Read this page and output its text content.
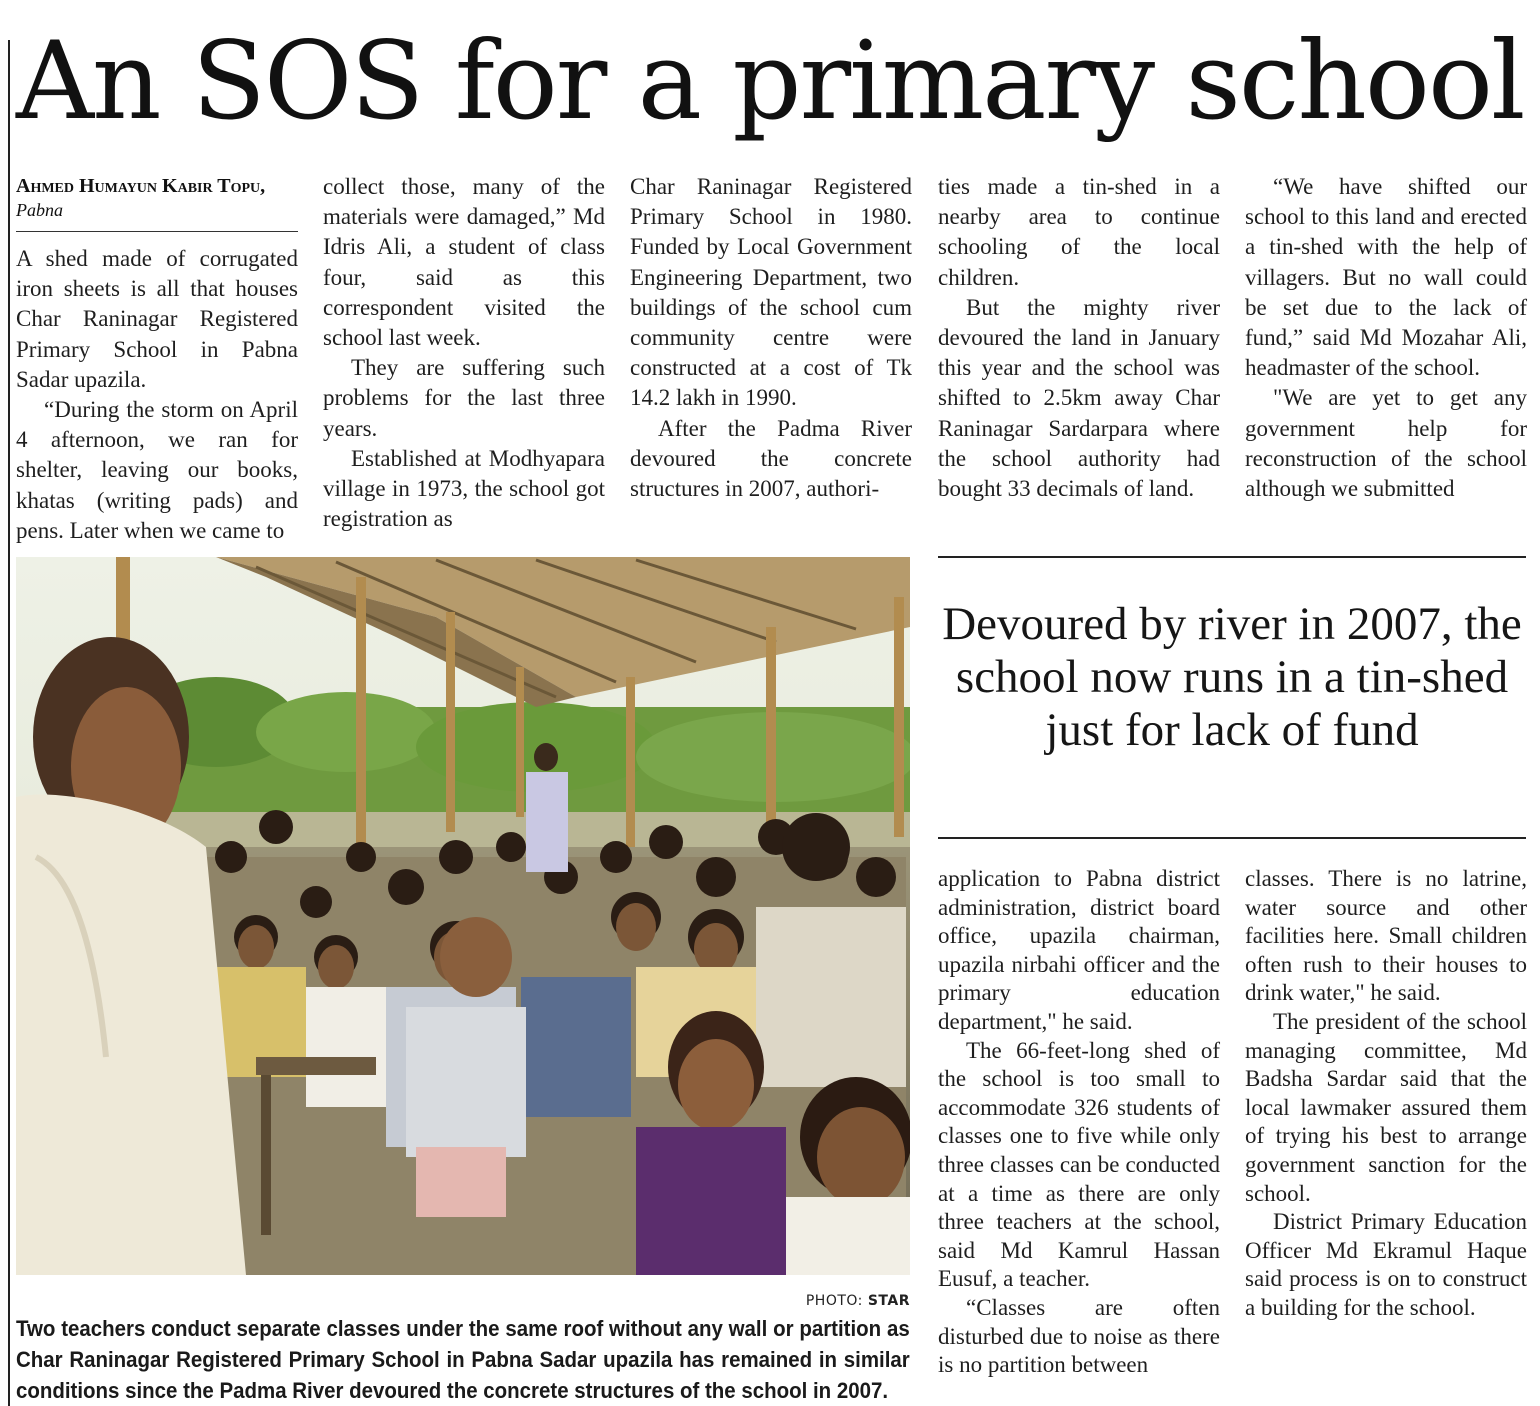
An SOS for a primary school
Ahmed Humayun Kabir Topu, Pabna

A shed made of corrugated iron sheets is all that houses Char Raninagar Registered Primary School in Pabna Sadar upazila.

“During the storm on April 4 afternoon, we ran for shelter, leaving our books, khatas (writing pads) and pens. Later when we came to

collect those, many of the materials were damaged,” Md Idris Ali, a student of class four, said as this correspondent visited the school last week.

They are suffering such problems for the last three years.

Established at Modhyapara village in 1973, the school got registration as

Char Raninagar Registered Primary School in 1980. Funded by Local Government Engineering Department, two buildings of the school cum community centre were constructed at a cost of Tk 14.2 lakh in 1990.

After the Padma River devoured the concrete structures in 2007, authori-

ties made a tin-shed in a nearby area to continue schooling of the local children.

But the mighty river devoured the land in January this year and the school was shifted to 2.5km away Char Raninagar Sardarpara where the school authority had bought 33 decimals of land.

“We have shifted our school to this land and erected a tin-shed with the help of villagers. But no wall could be set due to the lack of fund,” said Md Mozahar Ali, headmaster of the school.

"We are yet to get any government help for reconstruction of the school although we submitted

Devoured by river in 2007, the school now runs in a tin-shed just for lack of fund

application to Pabna district administration, district board office, upazila chairman, upazila nirbahi officer and the primary education department," he said.

The 66-feet-long shed of the school is too small to accommodate 326 students of classes one to five while only three classes can be conducted at a time as there are only three teachers at the school, said Md Kamrul Hassan Eusuf, a teacher.

“Classes are often disturbed due to noise as there is no partition between

classes. There is no latrine, water source and other facilities here. Small children often rush to their houses to drink water," he said.

The president of the school managing committee, Md Badsha Sardar said that the local lawmaker assured them of trying his best to arrange government sanction for the school.

District Primary Education Officer Md Ekramul Haque said process is on to construct a building for the school.

PHOTO: STAR

Two teachers conduct separate classes under the same roof without any wall or partition as Char Raninagar Registered Primary School in Pabna Sadar upazila has remained in similar conditions since the Padma River devoured the concrete structures of the school in 2007.
